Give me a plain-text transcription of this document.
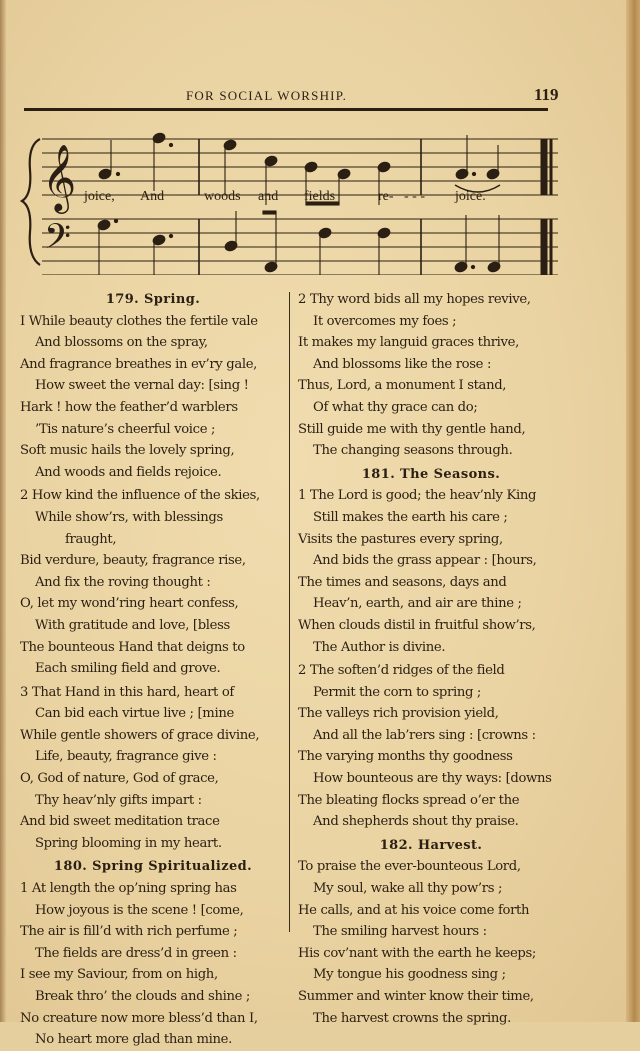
FOR SOCIAL WORSHIP.	119
𝄞
𝄢
joice, And	woods and fields	re- - - - joice.

179. Spring.

I While beauty clothes the fertile vale
And blossoms on the spray,
And fragrance breathes in ev’ry gale,
How sweet the vernal day: [sing !
Hark ! how the feather’d warblers
’Tis nature’s cheerful voice ;
Soft music hails the lovely spring,
And woods and fields rejoice.
2 How kind the influence of the skies,
While show’rs, with blessings
fraught,
Bid verdure, beauty, fragrance rise,
And fix the roving thought :
O, let my wond’ring heart confess,
With gratitude and love, [bless
The bounteous Hand that deigns to
Each smiling field and grove.
3 That Hand in this hard, heart of
Can bid each virtue live ; [mine
While gentle showers of grace divine,
Life, beauty, fragrance give :
O, God of nature, God of grace,
Thy heav’nly gifts impart :
And bid sweet meditation trace
Spring blooming in my heart.

180. Spring Spiritualized.

1 At length the op’ning spring has
How joyous is the scene ! [come,
The air is fill’d with rich perfume ;
The fields are dress’d in green :
I see my Saviour, from on high,
Break thro’ the clouds and shine ;
No creature now more bless’d than I,
No heart more glad than mine.
2 Thy word bids all my hopes revive,
It overcomes my foes ;
It makes my languid graces thrive,
And blossoms like the rose :
Thus, Lord, a monument I stand,
Of what thy grace can do;
Still guide me with thy gentle hand,
The changing seasons through.

181. The Seasons.

1 The Lord is good; the heav’nly King
Still makes the earth his care ;
Visits the pastures every spring,
And bids the grass appear : [hours,
The times and seasons, days and
Heav’n, earth, and air are thine ;
When clouds distil in fruitful show’rs,
The Author is divine.
2 The soften’d ridges of the field
Permit the corn to spring ;
The valleys rich provision yield,
And all the lab’rers sing : [crowns :
The varying months thy goodness
How bounteous are thy ways: [downs
The bleating flocks spread o’er the
And shepherds shout thy praise.

182. Harvest.

To praise the ever-bounteous Lord,
My soul, wake all thy pow’rs ;
He calls, and at his voice come forth
The smiling harvest hours :
His cov’nant with the earth he keeps;
My tongue his goodness sing ;
Summer and winter know their time,
The harvest crowns the spring.
